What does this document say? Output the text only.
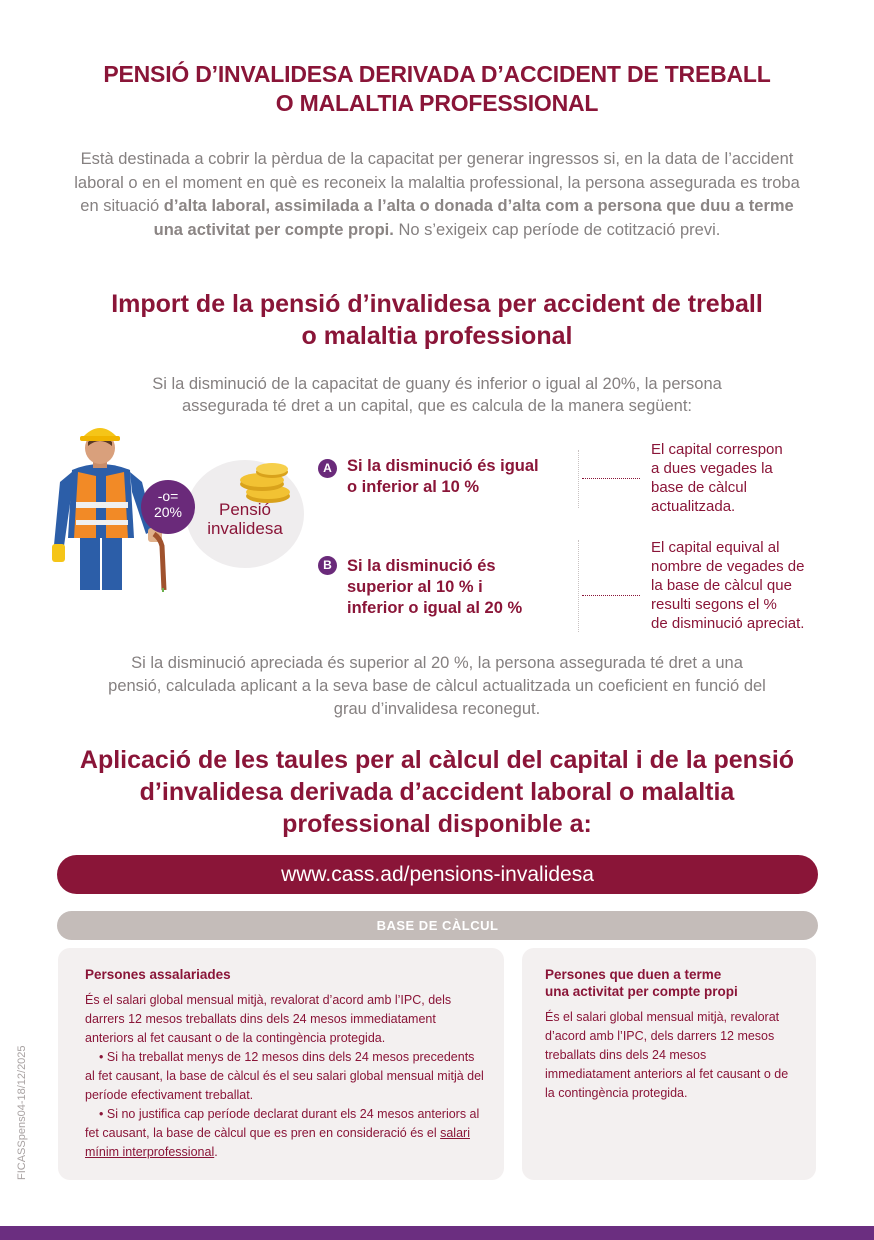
PENSIÓ D’INVALIDESA DERIVADA D’ACCIDENT DE TREBALL
O MALALTIA PROFESSIONAL
Està destinada a cobrir la pèrdua de la capacitat per generar ingressos si, en la data de l’accident laboral o en el moment en què es reconeix la malaltia professional, la persona assegurada es troba en situació d’alta laboral, assimilada a l’alta o donada d’alta com a persona que duu a terme una activitat per compte propi. No s’exigeix cap període de cotització previ.
Import de la pensió d’invalidesa per accident de treball
o malaltia professional
Si la disminució de la capacitat de guany és inferior o igual al 20%, la persona
assegurada té dret a un capital, que es calcula de la manera següent:
Pensió
invalidesa
-o=
20%
A Si la disminució és igual
o inferior al 10 %
El capital correspon
a dues vegades la
base de càlcul
actualitzada.
B Si la disminució és
superior al 10 % i
inferior o igual al 20 %
El capital equival al
nombre de vegades de
la base de càlcul que
resulti segons el %
de disminució apreciat.
Si la disminució apreciada és superior al 20 %, la persona assegurada té dret a una
pensió, calculada aplicant a la seva base de càlcul actualitzada un coeficient en funció del
grau d’invalidesa reconegut.
Aplicació de les taules per al càlcul del capital i de la pensió
d’invalidesa derivada d’accident laboral o malaltia
professional disponible a:
www.cass.ad/pensions-invalidesa
BASE DE CÀLCUL
Persones assalariades

És el salari global mensual mitjà, revalorat d’acord amb l’IPC, dels darrers 12 mesos treballats dins dels 24 mesos immediatament anteriors al fet causant o de la contingència protegida.

• Si ha treballat menys de 12 mesos dins dels 24 mesos precedents al fet causant, la base de càlcul és el seu salari global mensual mitjà del període efectivament treballat.

• Si no justifica cap període declarat durant els 24 mesos anteriors al fet causant, la base de càlcul que es pren en consideració és el salari mínim interprofessional.

Persones que duen a terme
una activitat per compte propi

És el salari global mensual mitjà, revalorat d’acord amb l’IPC, dels darrers 12 mesos treballats dins dels 24 mesos immediatament anteriors al fet causant o de la contingència protegida.

FICASSpens04-18/12/2025
